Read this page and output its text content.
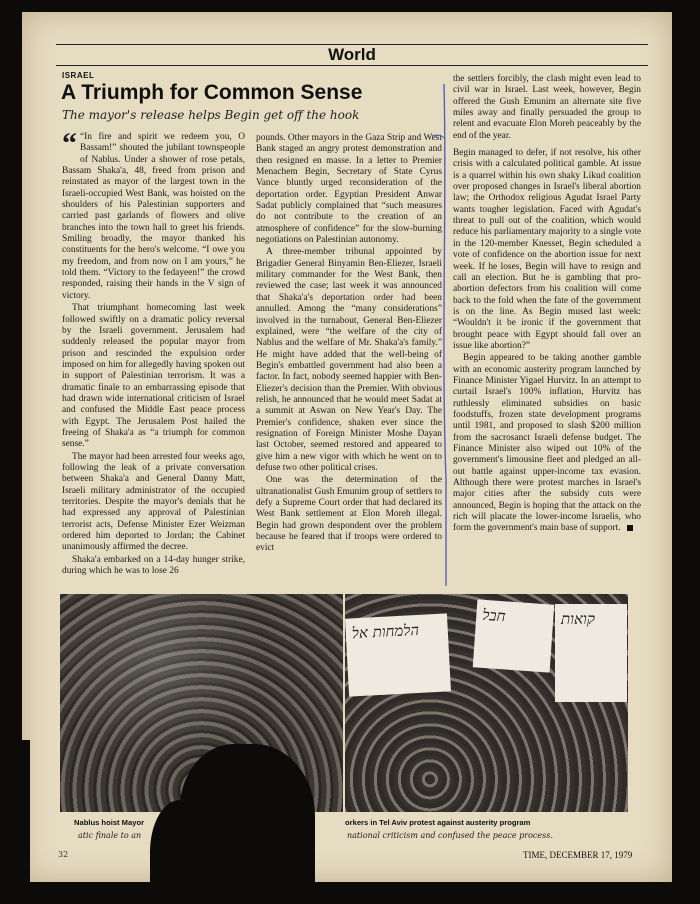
World
ISRAEL
A Triumph for Common Sense
The mayor's release helps Begin get off the hook

“ “In fire and spirit we redeem you, O Bassam!” shouted the jubilant townspeople of Nablus. Under a shower of rose petals, Bassam Shaka'a, 48, freed from prison and reinstated as mayor of the largest town in the Israeli-occupied West Bank, was hoisted on the shoulders of his Palestinian supporters and carried past garlands of flowers and olive branches into the town hall to greet his friends. Smiling broadly, the mayor thanked his constituents for the hero's welcome. “I owe you my freedom, and from now on I am yours,” he told them. “Victory to the fedayeen!” the crowd responded, raising their hands in the V sign of victory.

That triumphant homecoming last week followed swiftly on a dramatic policy reversal by the Israeli government. Jerusalem had suddenly released the popular mayor from prison and rescinded the expulsion order imposed on him for allegedly having spoken out in support of Palestinian terrorism. It was a dramatic finale to an embarrassing episode that had drawn wide international criticism of Israel and confused the Middle East peace process with Egypt. The Jerusalem Post hailed the freeing of Shaka'a as “a triumph for common sense.”

The mayor had been arrested four weeks ago, following the leak of a private conversation between Shaka'a and General Danny Matt, Israeli military administrator of the occupied territories. Despite the mayor's denials that he had expressed any approval of Palestinian terrorist acts, Defense Minister Ezer Weizman ordered him deported to Jordan; the Cabinet unanimously affirmed the decree.

Shaka'a embarked on a 14-day hunger strike, during which he was to lose 26

pounds. Other mayors in the Gaza Strip and West Bank staged an angry protest demonstration and then resigned en masse. In a letter to Premier Menachem Begin, Secretary of State Cyrus Vance bluntly urged reconsideration of the deportation order. Egyptian President Anwar Sadat publicly complained that “such measures do not contribute to the creation of an atmosphere of confidence” for the slow-burning negotiations on Palestinian autonomy.

A three-member tribunal appointed by Brigadier General Binyamin Ben-Eliezer, Israeli military commander for the West Bank, then reviewed the case; last week it was announced that Shaka'a's deportation order had been annulled. Among the “many considerations” involved in the turnabout, General Ben-Eliezer explained, were “the welfare of the city of Nablus and the welfare of Mr. Shaka'a's family.” He might have added that the well-being of Begin's embattled government had also been a factor. In fact, nobody seemed happier with Ben-Eliezer's decision than the Premier. With obvious relish, he announced that he would meet Sadat at a summit at Aswan on New Year's Day. The Premier's confidence, shaken ever since the resignation of Foreign Minister Moshe Dayan last October, seemed restored and appeared to give him a new vigor with which he went on to defuse two other political crises.

One was the determination of the ultranationalist Gush Emunim group of settlers to defy a Supreme Court order that had declared its West Bank settlement at Elon Moreh illegal. Begin had grown despondent over the problem because he feared that if troops were ordered to evict

the settlers forcibly, the clash might even lead to civil war in Israel. Last week, however, Begin offered the Gush Emunim an alternate site five miles away and finally persuaded the group to relent and evacuate Elon Moreh peaceably by the end of the year.

Begin managed to defer, if not resolve, his other crisis with a calculated political gamble. At issue is a quarrel within his own shaky Likud coalition over proposed changes in Israel's liberal abortion law; the Orthodox religious Agudat Israel Party wants tougher legislation. Faced with Agudat's threat to pull out of the coalition, which would reduce his parliamentary majority to a single vote in the 120-member Knesset, Begin scheduled a vote of confidence on the abortion issue for next week. If he loses, Begin will have to resign and call an election. But he is gambling that pro-abortion defectors from his coalition will come back to the fold when the fate of the government is on the line. As Begin mused last week: “Wouldn't it be ironic if the government that brought peace with Egypt should fall over an issue like abortion?”

Begin appeared to be taking another gamble with an economic austerity program launched by Finance Minister Yigael Hurvitz. In an attempt to curtail Israel's 100% inflation, Hurvitz has ruthlessly eliminated subsidies on basic foodstuffs, frozen state development programs until 1981, and proposed to slash $200 million from the sacrosanct Israeli defense budget. The Finance Minister also wiped out 10% of the government's limousine fleet and pledged an all-out battle against upper-income tax evasion. Although there were protest marches in Israel's major cities after the subsidy cuts were announced, Begin is hoping that the attack on the rich will placate the lower-income Israelis, who form the government's main base of support.

הלמחות אל
קואות
חבל
Nablus hoist Mayor	orkers in Tel Aviv protest against austerity program
atic finale to an	national criticism and confused the peace process.
32	TIME, DECEMBER 17, 1979
